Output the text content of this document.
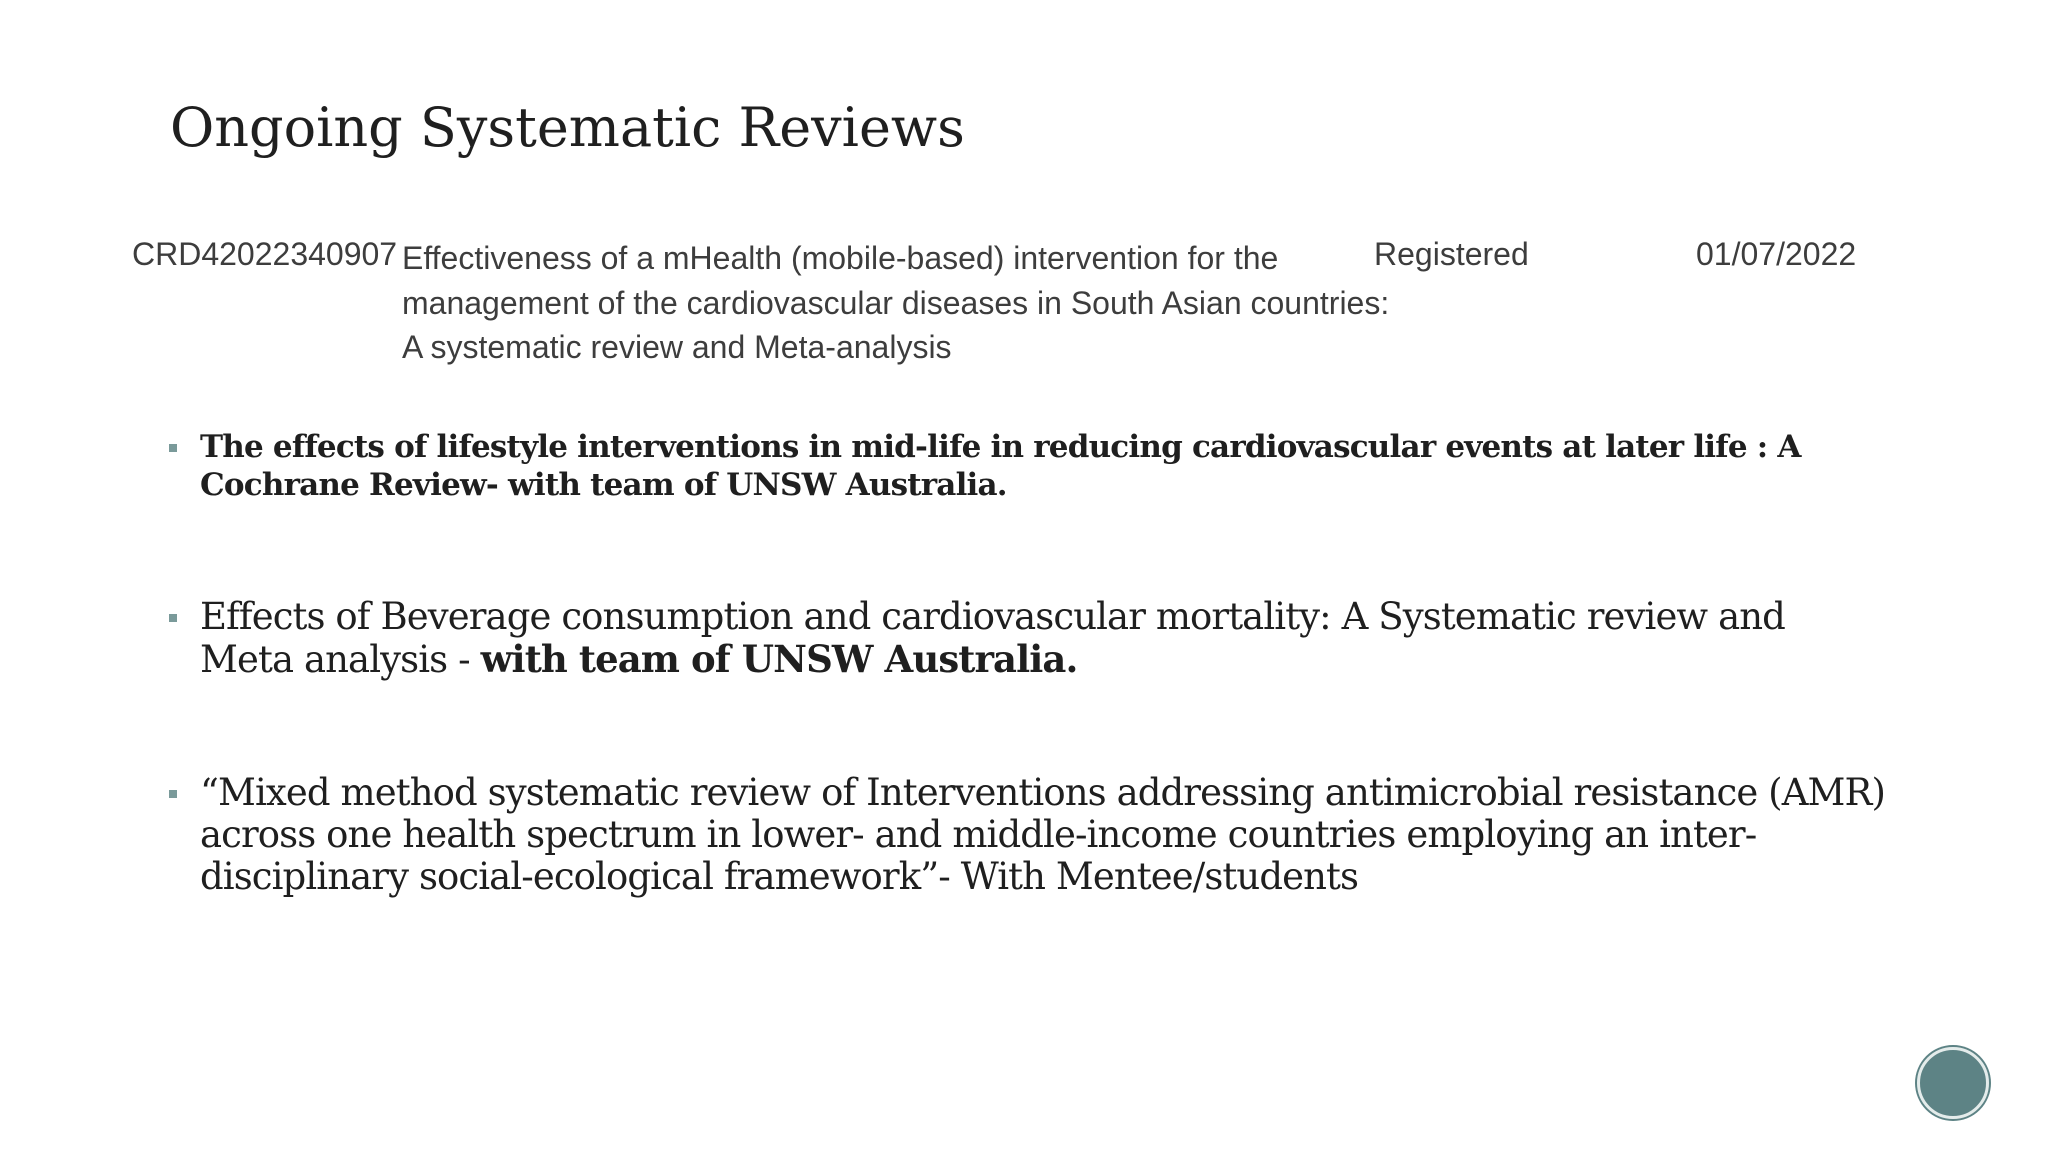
Ongoing Systematic Reviews
CRD42022340907 Effectiveness of a mHealth (mobile-based) intervention for the management of the cardiovascular diseases in South Asian countries: A systematic review and Meta-analysis
Registered	01/07/2022
The effects of lifestyle interventions in mid-life in reducing cardiovascular events at later life : A Cochrane Review- with team of UNSW Australia.
Effects of Beverage consumption and cardiovascular mortality: A Systematic review and Meta analysis - with team of UNSW Australia.
“Mixed method systematic review of Interventions addressing antimicrobial resistance (AMR) across one health spectrum in lower- and middle-income countries employing an inter-disciplinary social-ecological framework”- With Mentee/students
